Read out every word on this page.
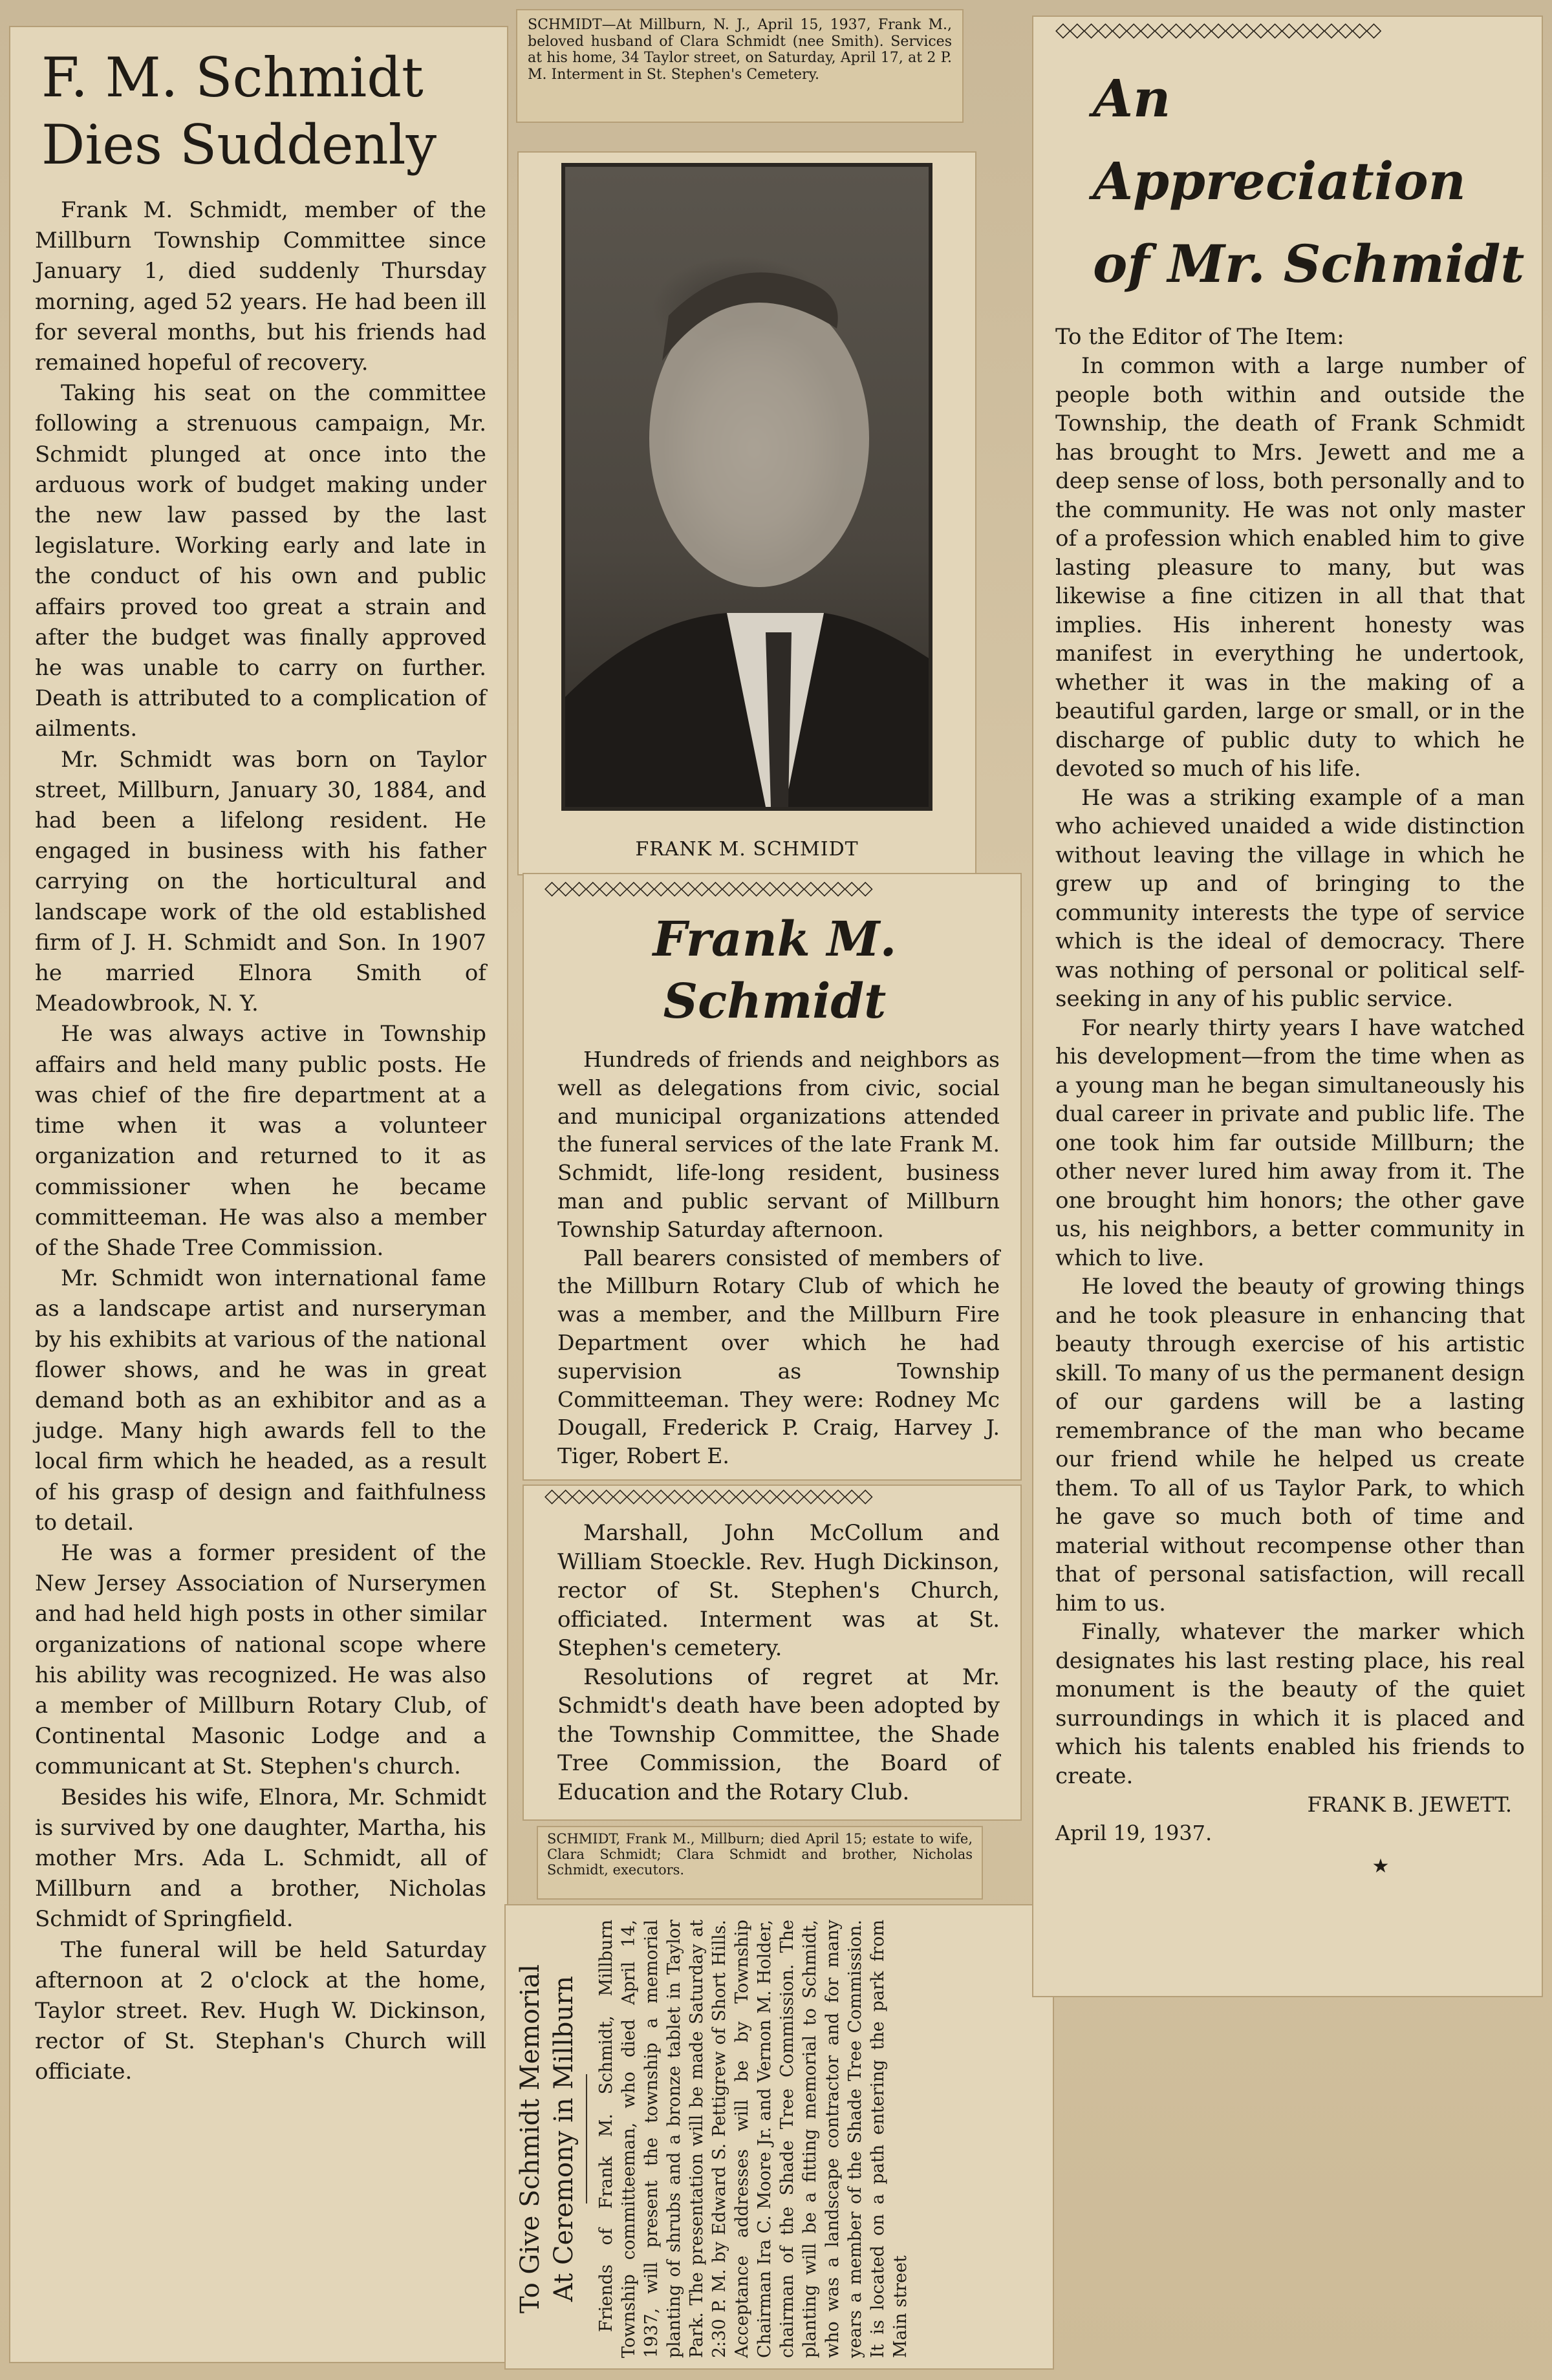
F. M. Schmidt
Dies Suddenly

Frank M. Schmidt, member of the Millburn Township Committee since January 1, died suddenly Thursday morning, aged 52 years. He had been ill for several months, but his friends had remained hopeful of recovery.

Taking his seat on the committee following a strenuous campaign, Mr. Schmidt plunged at once into the arduous work of budget making under the new law passed by the last legislature. Working early and late in the conduct of his own and public affairs proved too great a strain and after the budget was finally approved he was unable to carry on further. Death is attributed to a complication of ailments.

Mr. Schmidt was born on Taylor street, Millburn, January 30, 1884, and had been a lifelong resident. He engaged in business with his father carrying on the horticultural and landscape work of the old established firm of J. H. Schmidt and Son. In 1907 he married Elnora Smith of Meadowbrook, N. Y.

He was always active in Township affairs and held many public posts. He was chief of the fire department at a time when it was a volunteer organization and returned to it as commissioner when he became committeeman. He was also a member of the Shade Tree Commission.

Mr. Schmidt won international fame as a landscape artist and nurseryman by his exhibits at various of the national flower shows, and he was in great demand both as an exhibitor and as a judge. Many high awards fell to the local firm which he headed, as a result of his grasp of design and faithfulness to detail.

He was a former president of the New Jersey Association of Nurserymen and had held high posts in other similar organizations of national scope where his ability was recognized. He was also a member of Millburn Rotary Club, of Continental Masonic Lodge and a communicant at St. Stephen's church.

Besides his wife, Elnora, Mr. Schmidt is survived by one daughter, Martha, his mother Mrs. Ada L. Schmidt, all of Millburn and a brother, Nicholas Schmidt of Springfield.

The funeral will be held Saturday afternoon at 2 o'clock at the home, Taylor street. Rev. Hugh W. Dickinson, rector of St. Stephan's Church will officiate.

SCHMIDT—At Millburn, N. J., April 15, 1937, Frank M., beloved husband of Clara Schmidt (nee Smith). Services at his home, 34 Taylor street, on Saturday, April 17, at 2 P. M. Interment in St. Stephen's Cemetery.
FRANK M. SCHMIDT
◇◇◇◇◇◇◇◇◇◇◇◇◇◇◇◇◇◇◇◇◇◇◇◇
Frank M. Schmidt

Hundreds of friends and neighbors as well as delegations from civic, social and municipal organizations attended the funeral services of the late Frank M. Schmidt, life-long resident, business man and public servant of Millburn Township Saturday afternoon.

Pall bearers consisted of members of the Millburn Rotary Club of which he was a member, and the Millburn Fire Department over which he had supervision as Township Committeeman. They were: Rodney Mc Dougall, Frederick P. Craig, Harvey J. Tiger, Robert E.

◇◇◇◇◇◇◇◇◇◇◇◇◇◇◇◇◇◇◇◇◇◇◇◇

Marshall, John McCollum and William Stoeckle. Rev. Hugh Dickinson, rector of St. Stephen's Church, officiated. Interment was at St. Stephen's cemetery.

Resolutions of regret at Mr. Schmidt's death have been adopted by the Township Committee, the Shade Tree Commission, the Board of Education and the Rotary Club.

SCHMIDT, Frank M., Millburn; died April 15; estate to wife, Clara Schmidt; Clara Schmidt and brother, Nicholas Schmidt, executors.
To Give Schmidt Memorial At Ceremony in Millburn Friends of Frank M. Schmidt, Millburn Township committeeman, who died April 14, 1937, will present the township a memorial planting of shrubs and a bronze tablet in Taylor Park. The presentation will be made Saturday at 2:30 P. M. by Edward S. Pettigrew of Short Hills. Acceptance addresses will be by Township Chairman Ira C. Moore Jr. and Vernon M. Holder, chairman of the Shade Tree Commission. The planting will be a fitting memorial to Schmidt, who was a landscape contractor and for many years a member of the Shade Tree Commission. It is located on a path entering the park from Main street
◇◇◇◇◇◇◇◇◇◇◇◇◇◇◇◇◇◇◇◇◇◇◇
An Appreciation
of Mr. Schmidt
To the Editor of The Item:

In common with a large number of people both within and outside the Township, the death of Frank Schmidt has brought to Mrs. Jewett and me a deep sense of loss, both personally and to the community. He was not only master of a profession which enabled him to give lasting pleasure to many, but was likewise a fine citizen in all that that implies. His inherent honesty was manifest in everything he undertook, whether it was in the making of a beautiful garden, large or small, or in the discharge of public duty to which he devoted so much of his life.

He was a striking example of a man who achieved unaided a wide distinction without leaving the village in which he grew up and of bringing to the community interests the type of service which is the ideal of democracy. There was nothing of personal or political self-seeking in any of his public service.

For nearly thirty years I have watched his development—from the time when as a young man he began simultaneously his dual career in private and public life. The one took him far outside Millburn; the other never lured him away from it. The one brought him honors; the other gave us, his neighbors, a better community in which to live.

He loved the beauty of growing things and he took pleasure in enhancing that beauty through exercise of his artistic skill. To many of us the permanent design of our gardens will be a lasting remembrance of the man who became our friend while he helped us create them. To all of us Taylor Park, to which he gave so much both of time and material without recompense other than that of personal satisfaction, will recall him to us.

Finally, whatever the marker which designates his last resting place, his real monument is the beauty of the quiet surroundings in which it is placed and which his talents enabled his friends to create.

FRANK B. JEWETT.
April 19, 1937.
★
